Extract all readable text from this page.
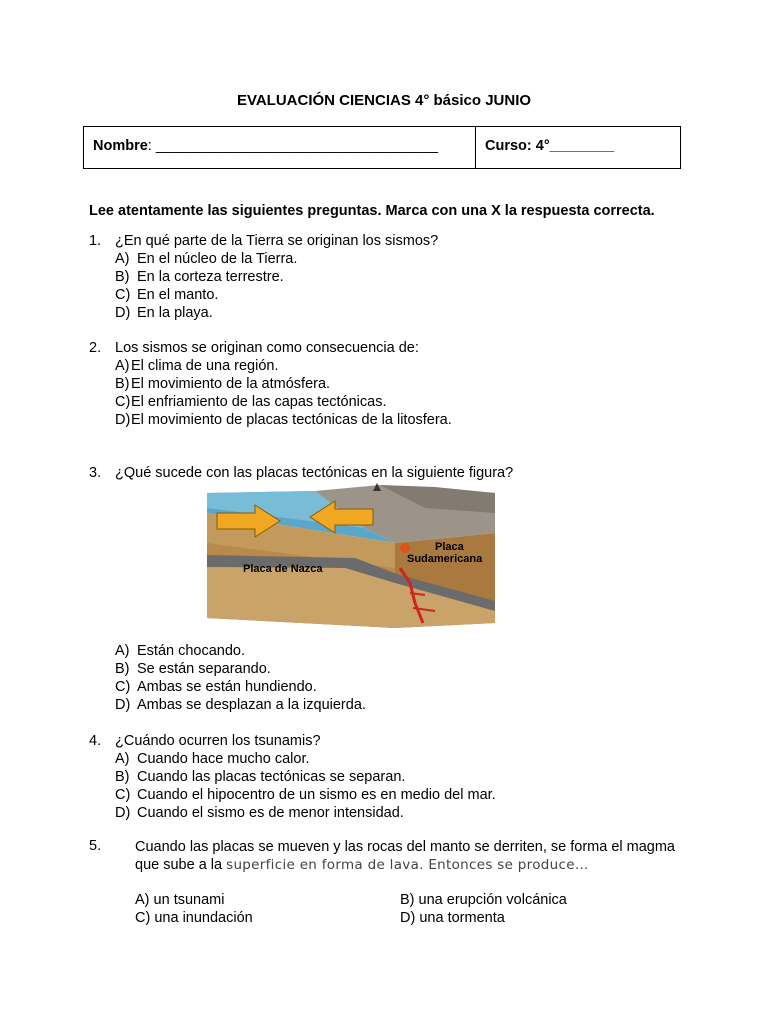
EVALUACIÓN CIENCIAS 4° básico JUNIO
Nombre: ___________________________________	Curso: 4°________
Lee atentamente las siguientes preguntas. Marca con una X la respuesta correcta.
1. ¿En qué parte de la Tierra se originan los sismos?
A) En el núcleo de la Tierra.
B) En la corteza terrestre.
C) En el manto.
D) En la playa.
2. Los sismos se originan como consecuencia de:
A) El clima de una región.
B) El movimiento de la atmósfera.
C)El enfriamiento de las capas tectónicas.
D)El movimiento de placas tectónicas de la litosfera.
3. ¿Qué sucede con las placas tectónicas en la siguiente figura?
Placa de Nazca
Placa
Sudamericana
A) Están chocando.
B) Se están separando.
C) Ambas se están hundiendo.
D) Ambas se desplazan a la izquierda.
4. ¿Cuándo ocurren los tsunamis?
A) Cuando hace mucho calor.
B) Cuando las placas tectónicas se separan.
C) Cuando el hipocentro de un sismo es en medio del mar.
D) Cuando el sismo es de menor intensidad.
5. Cuando las placas se mueven y las rocas del manto se derriten, se forma el magma que sube a la superficie en forma de lava. Entonces se produce…
A) un tsunami	B) una erupción volcánica
C) una inundación	D) una tormenta
